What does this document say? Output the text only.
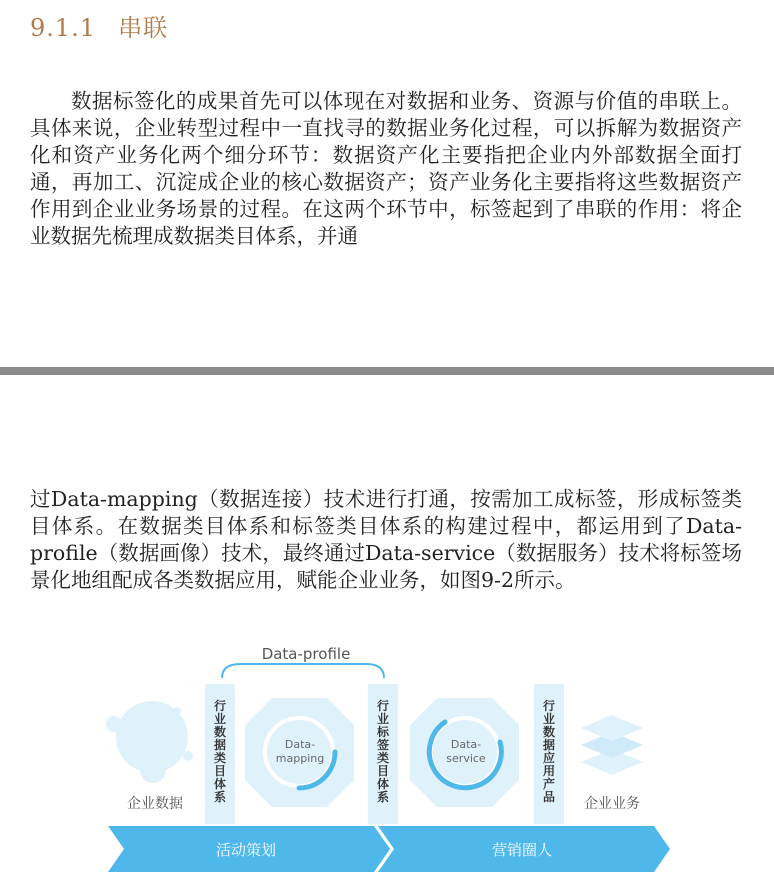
9.1.1 串联

数据标签化的成果首先可以体现在对数据和业务、资源与价值的串联上。具体来说，企业转型过程中一直找寻的数据业务化过程，可以拆解为数据资产化和资产业务化两个细分环节：数据资产化主要指把企业内外部数据全面打通，再加工、沉淀成企业的核心数据资产；资产业务化主要指将这些数据资产作用到企业业务场景的过程。在这两个环节中，标签起到了串联的作用：将企业数据先梳理成数据类目体系，并通

过Data-mapping（数据连接）技术进行打通，按需加工成标签，形成标签类目体系。在数据类目体系和标签类目体系的构建过程中，都运用到了Data-profile（数据画像）技术，最终通过Data-service（数据服务）技术将标签场景化地组配成各类数据应用，赋能企业业务，如图9-2所示。

Data-profile
企业数据
行
业
数
据
类
目
体
系
行
业
标
签
类
目
体
系
行
业
数
据
应
用
产
品
Data-
mapping
Data-
service
企业业务
活动策划	营销圈人
